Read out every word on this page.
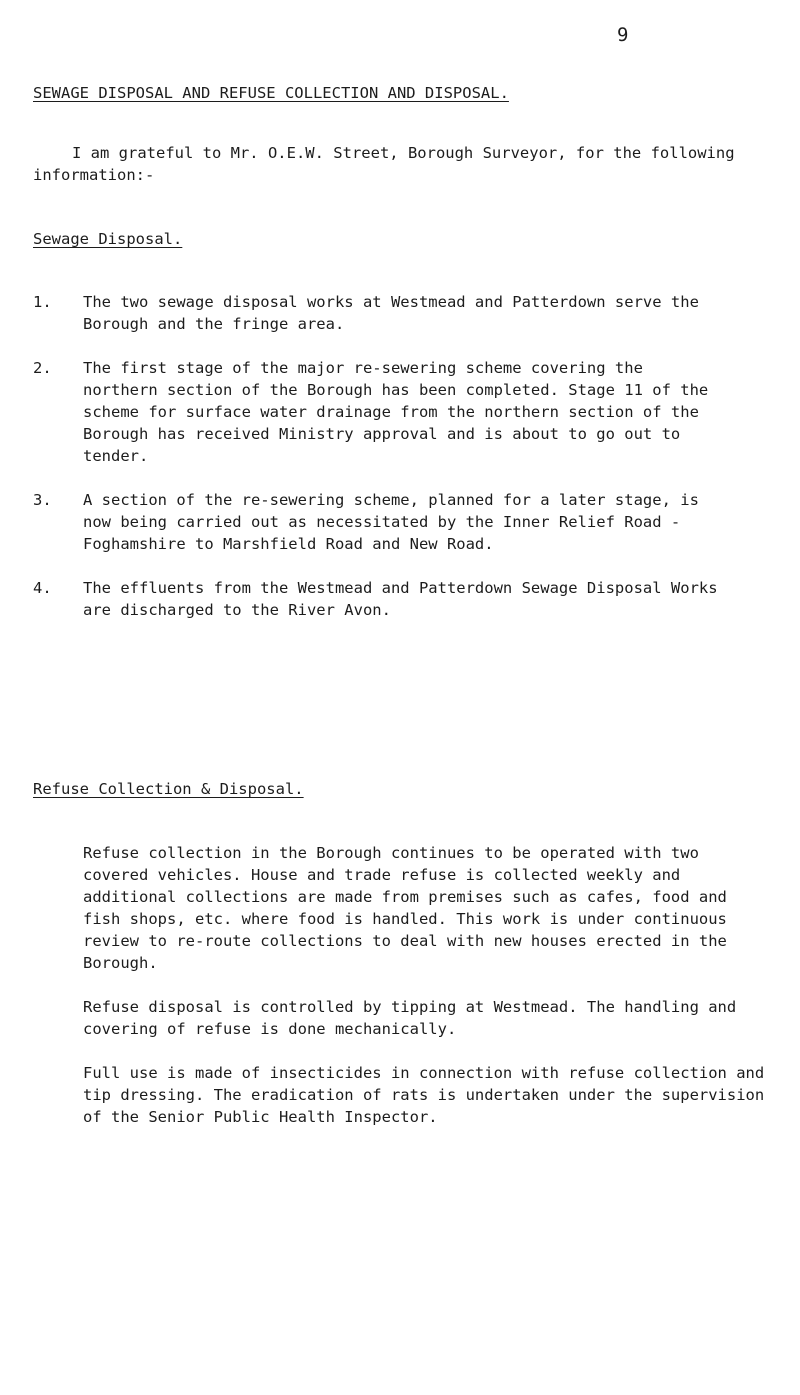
9
SEWAGE DISPOSAL AND REFUSE COLLECTION AND DISPOSAL.

I am grateful to Mr. O.E.W. Street, Borough Surveyor, for the following information:-

Sewage Disposal.
1. The two sewage disposal works at Westmead and Patterdown serve the Borough and the fringe area.
2. The first stage of the major re-sewering scheme covering the northern section of the Borough has been completed. Stage 11 of the scheme for surface water drainage from the northern section of the Borough has received Ministry approval and is about to go out to tender.
3. A section of the re-sewering scheme, planned for a later stage, is now being carried out as necessitated by the Inner Relief Road - Foghamshire to Marshfield Road and New Road.
4. The effluents from the Westmead and Patterdown Sewage Disposal Works are discharged to the River Avon.
Refuse Collection & Disposal.

Refuse collection in the Borough continues to be operated with two covered vehicles. House and trade refuse is collected weekly and additional collections are made from premises such as cafes, food and fish shops, etc. where food is handled. This work is under continuous review to re-route collections to deal with new houses erected in the Borough.

Refuse disposal is controlled by tipping at Westmead. The handling and covering of refuse is done mechanically.

Full use is made of insecticides in connection with refuse collection and tip dressing. The eradication of rats is undertaken under the supervision of the Senior Public Health Inspector.
